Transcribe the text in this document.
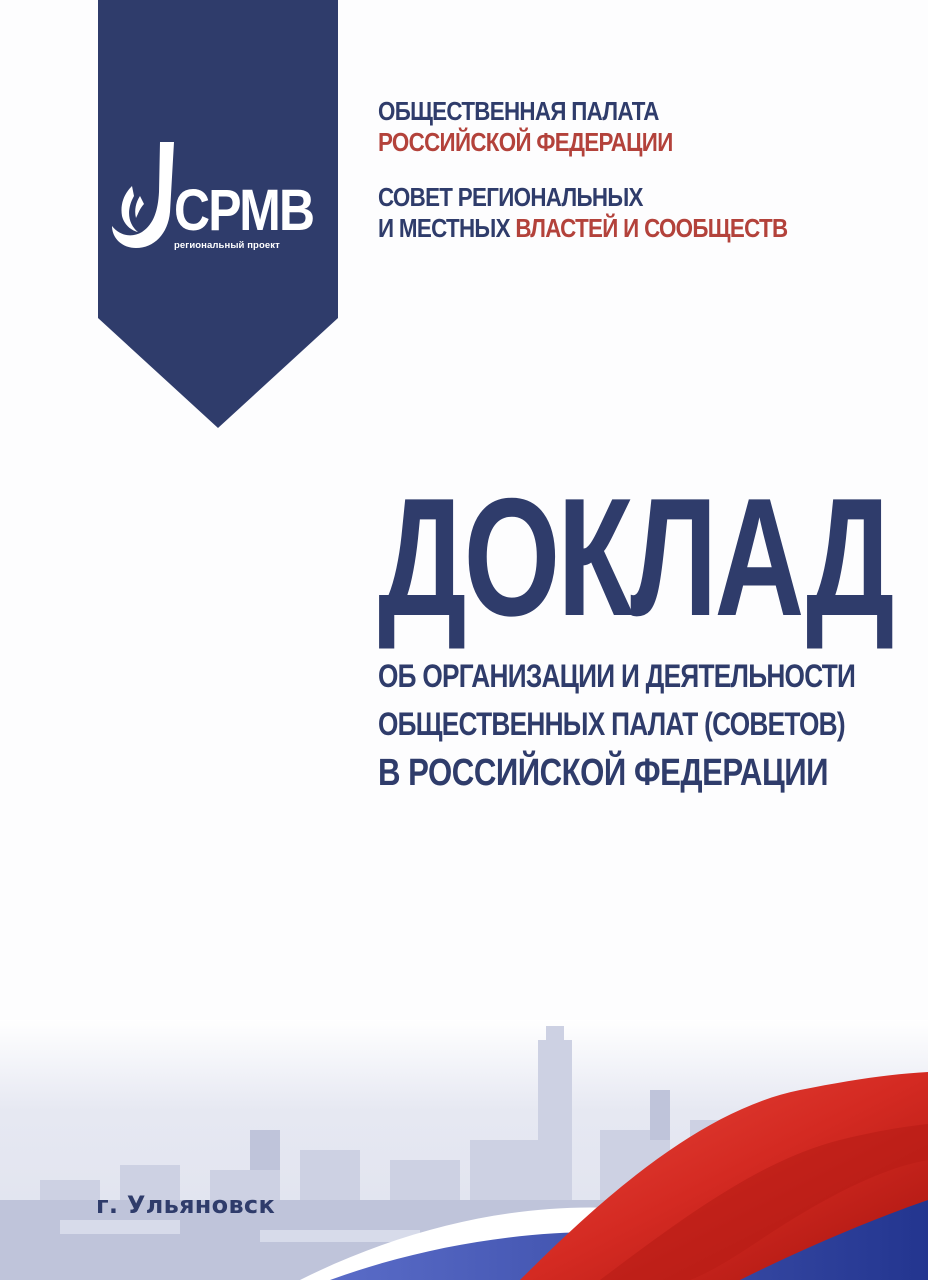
СРМВ
региональный проект
ОБЩЕСТВЕННАЯ ПАЛАТА
РОССИЙСКОЙ ФЕДЕРАЦИИ
СОВЕТ РЕГИОНАЛЬНЫХ
И МЕСТНЫХ ВЛАСТЕЙ И СООБЩЕСТВ
ДОКЛАД
ОБ ОРГАНИЗАЦИИ И ДЕЯТЕЛЬНОСТИ
ОБЩЕСТВЕННЫХ ПАЛАТ (СОВЕТОВ)
В РОССИЙСКОЙ ФЕДЕРАЦИИ
г. Ульяновск
